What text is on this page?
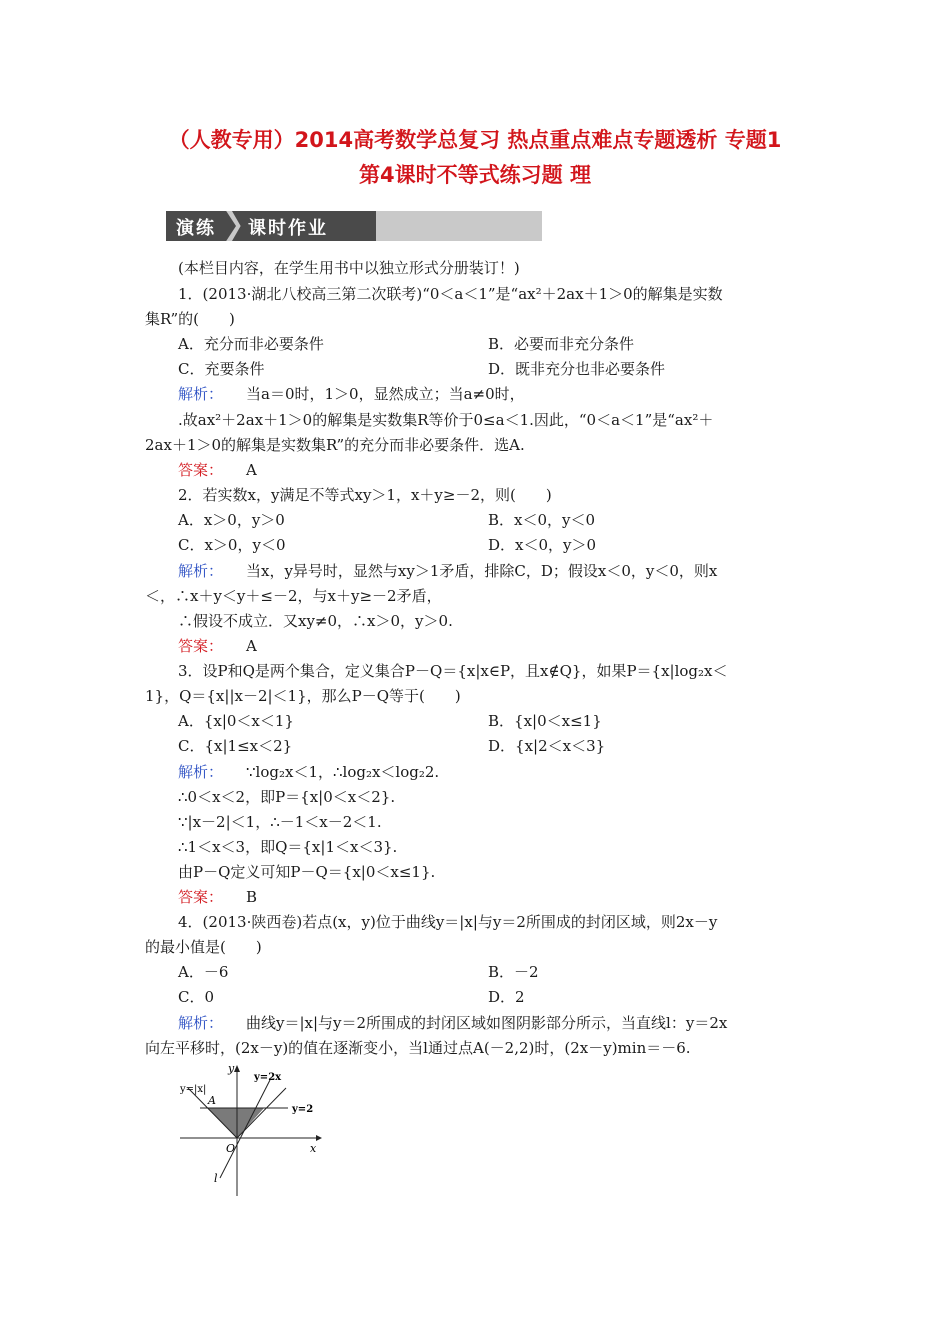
（人教专用）2014高考数学总复习 热点重点难点专题透析 专题1
第4课时不等式练习题 理
演练 课时作业
(本栏目内容，在学生用书中以独立形式分册装订！)
1．(2013·湖北八校高三第二次联考)“0＜a＜1”是“ax²＋2ax＋1＞0的解集是实数
集R”的(　　)
A．充分而非必要条件	B．必要而非充分条件
C．充要条件	D．既非充分也非必要条件
解析： 当a＝0时，1＞0，显然成立；当a≠0时，
.故ax²＋2ax＋1＞0的解集是实数集R等价于0≤a＜1.因此，“0＜a＜1”是“ax²＋
2ax＋1＞0的解集是实数集R”的充分而非必要条件．选A.
答案： A
2．若实数x，y满足不等式xy＞1，x＋y≥－2，则(　　)
A．x＞0，y＞0	B．x＜0，y＜0
C．x＞0，y＜0	D．x＜0，y＞0
解析： 当x，y异号时，显然与xy＞1矛盾，排除C，D；假设x＜0，y＜0，则x
＜，∴x＋y＜y＋≤－2，与x＋y≥－2矛盾，
∴假设不成立．又xy≠0，∴x＞0，y＞0.
答案： A
3．设P和Q是两个集合，定义集合P－Q＝{x|x∈P，且x∉Q}，如果P＝{x|log₂x＜
1}，Q＝{x||x－2|＜1}，那么P－Q等于(　　)
A．{x|0＜x＜1}	B．{x|0＜x≤1}
C．{x|1≤x＜2}	D．{x|2＜x＜3}
解析： ∵log₂x＜1，∴log₂x＜log₂2.
∴0＜x＜2，即P＝{x|0＜x＜2}.
∵|x－2|＜1，∴－1＜x－2＜1.
∴1＜x＜3，即Q＝{x|1＜x＜3}.
由P－Q定义可知P－Q＝{x|0＜x≤1}.
答案： B
4．(2013·陕西卷)若点(x，y)位于曲线y＝|x|与y＝2所围成的封闭区域，则2x－y
的最小值是(　　)
A．－6	B．－2
C．0	D．2
解析： 曲线y＝|x|与y＝2所围成的封闭区域如图阴影部分所示，当直线l：y＝2x
向左平移时，(2x－y)的值在逐渐变小，当l通过点A(－2,2)时，(2x－y)min＝－6.
y=|x|
y=2x
y=2
A
O	x
y
l
